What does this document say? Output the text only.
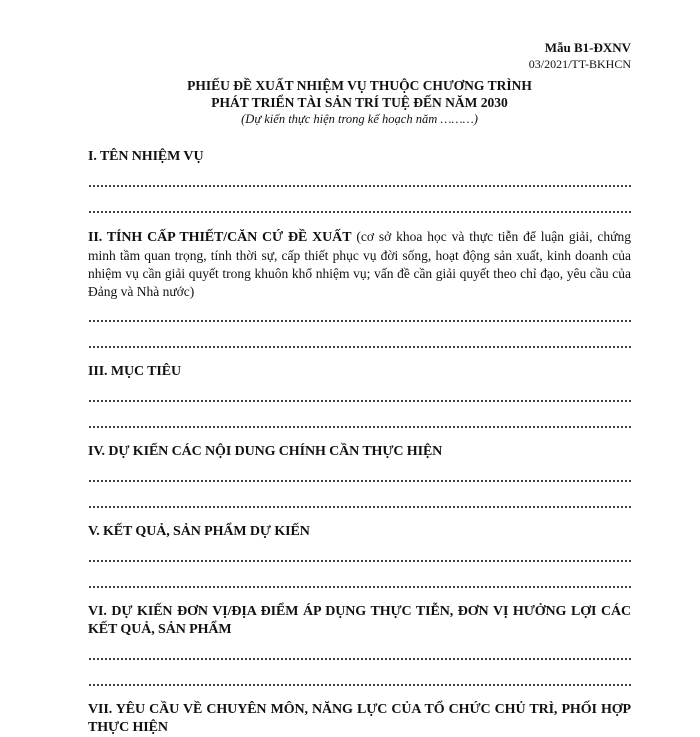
Mẫu B1-ĐXNV
03/2021/TT-BKHCN
PHIẾU ĐỀ XUẤT NHIỆM VỤ THUỘC CHƯƠNG TRÌNH
PHÁT TRIỂN TÀI SẢN TRÍ TUỆ ĐẾN NĂM 2030
(Dự kiến thực hiện trong kế hoạch năm ………)
I. TÊN NHIỆM VỤ
II. TÍNH CẤP THIẾT/CĂN CỨ ĐỀ XUẤT (cơ sở khoa học và thực tiễn để luận giải, chứng minh tầm quan trọng, tính thời sự, cấp thiết phục vụ đời sống, hoạt động sản xuất, kinh doanh của nhiệm vụ cần giải quyết trong khuôn khổ nhiệm vụ; vấn đề cần giải quyết theo chỉ đạo, yêu cầu của Đảng và Nhà nước)
III. MỤC TIÊU
IV. DỰ KIẾN CÁC NỘI DUNG CHÍNH CẦN THỰC HIỆN
V. KẾT QUẢ, SẢN PHẨM DỰ KIẾN
VI. DỰ KIẾN ĐƠN VỊ/ĐỊA ĐIỂM ÁP DỤNG THỰC TIỄN, ĐƠN VỊ HƯỞNG LỢI CÁC KẾT QUẢ, SẢN PHẨM
VII. YÊU CẦU VỀ CHUYÊN MÔN, NĂNG LỰC CỦA TỔ CHỨC CHỦ TRÌ, PHỐI HỢP THỰC HIỆN
